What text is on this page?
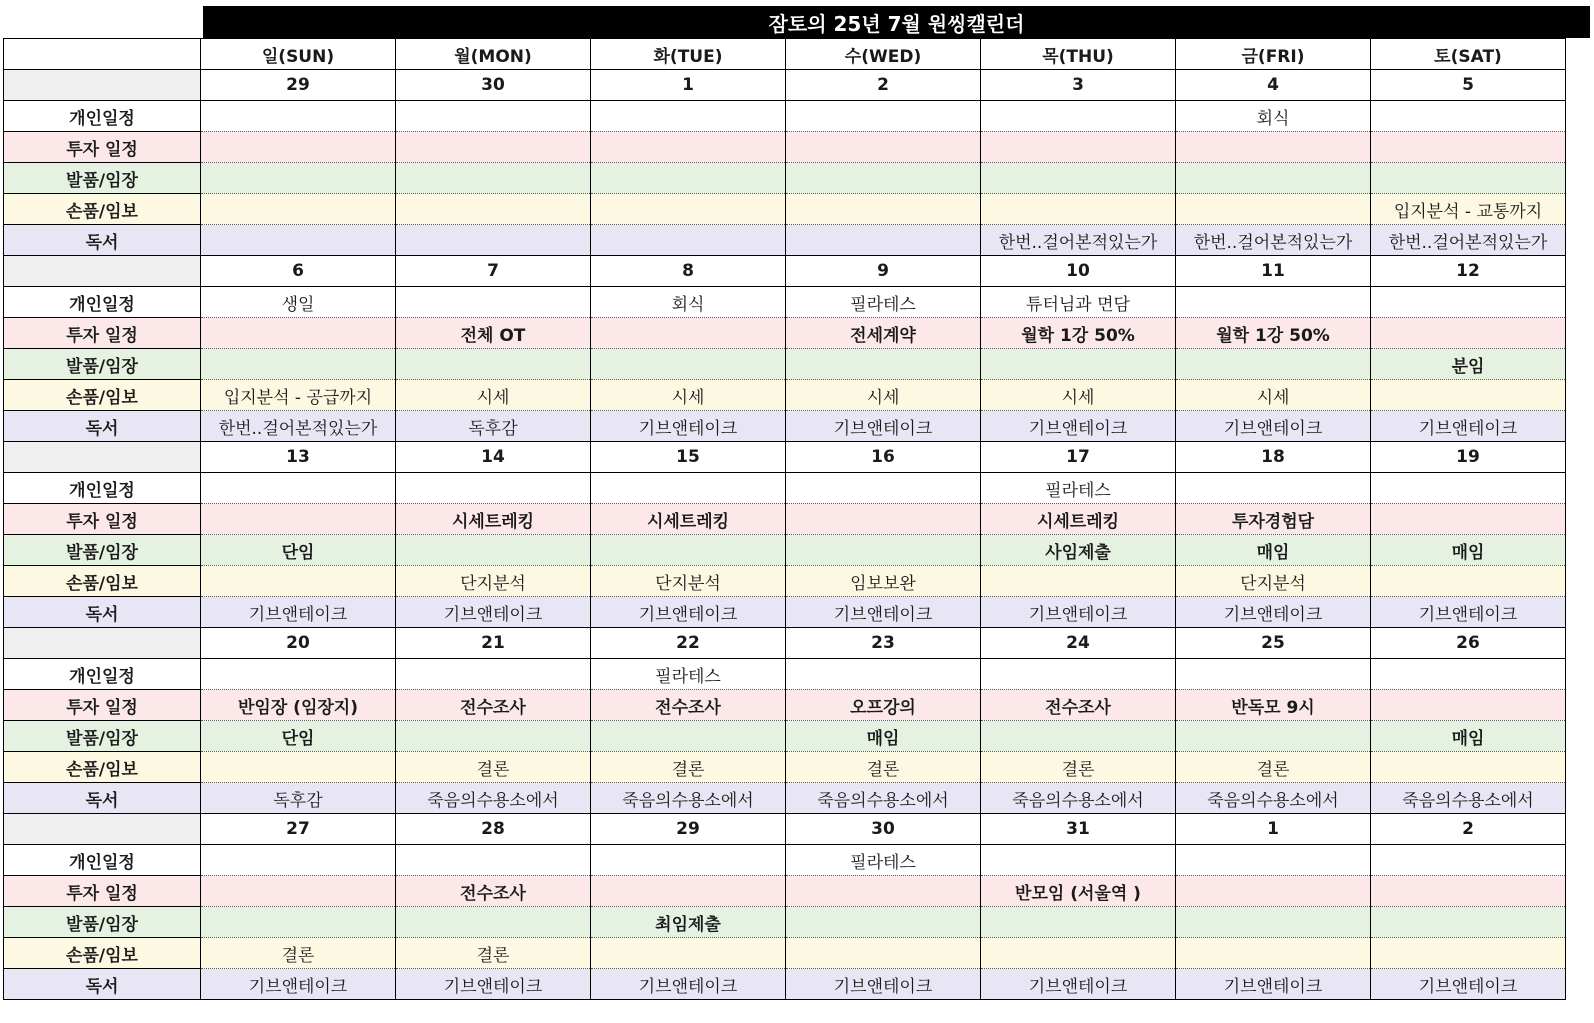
잠토의 25년 7월 원씽캘린더
	일(SUN)	월(MON)	화(TUE)	수(WED)	목(THU)	금(FRI)	토(SAT)
	29	30	1	2	3	4	5
개인일정						회식	
투자 일정							
발품/임장							
손품/임보							입지분석 - 교통까지
독서					한번..걸어본적있는가	한번..걸어본적있는가	한번..걸어본적있는가
	6	7	8	9	10	11	12
개인일정	생일		회식	필라테스	튜터님과 면담		
투자 일정		전체 OT		전세계약	월학 1강 50%	월학 1강 50%	
발품/임장							분임
손품/임보	입지분석 - 공급까지	시세	시세	시세	시세	시세	
독서	한번..걸어본적있는가	독후감	기브앤테이크	기브앤테이크	기브앤테이크	기브앤테이크	기브앤테이크
	13	14	15	16	17	18	19
개인일정					필라테스		
투자 일정		시세트레킹	시세트레킹		시세트레킹	투자경험담	
발품/임장	단임				사임제출	매임	매임
손품/임보		단지분석	단지분석	임보보완		단지분석	
독서	기브앤테이크	기브앤테이크	기브앤테이크	기브앤테이크	기브앤테이크	기브앤테이크	기브앤테이크
	20	21	22	23	24	25	26
개인일정			필라테스				
투자 일정	반임장 (임장지)	전수조사	전수조사	오프강의	전수조사	반독모 9시	
발품/임장	단임			매임			매임
손품/임보		결론	결론	결론	결론	결론	
독서	독후감	죽음의수용소에서	죽음의수용소에서	죽음의수용소에서	죽음의수용소에서	죽음의수용소에서	죽음의수용소에서
	27	28	29	30	31	1	2
개인일정				필라테스			
투자 일정		전수조사			반모임 (서울역 )		
발품/임장			최임제출				
손품/임보	결론	결론					
독서	기브앤테이크	기브앤테이크	기브앤테이크	기브앤테이크	기브앤테이크	기브앤테이크	기브앤테이크
